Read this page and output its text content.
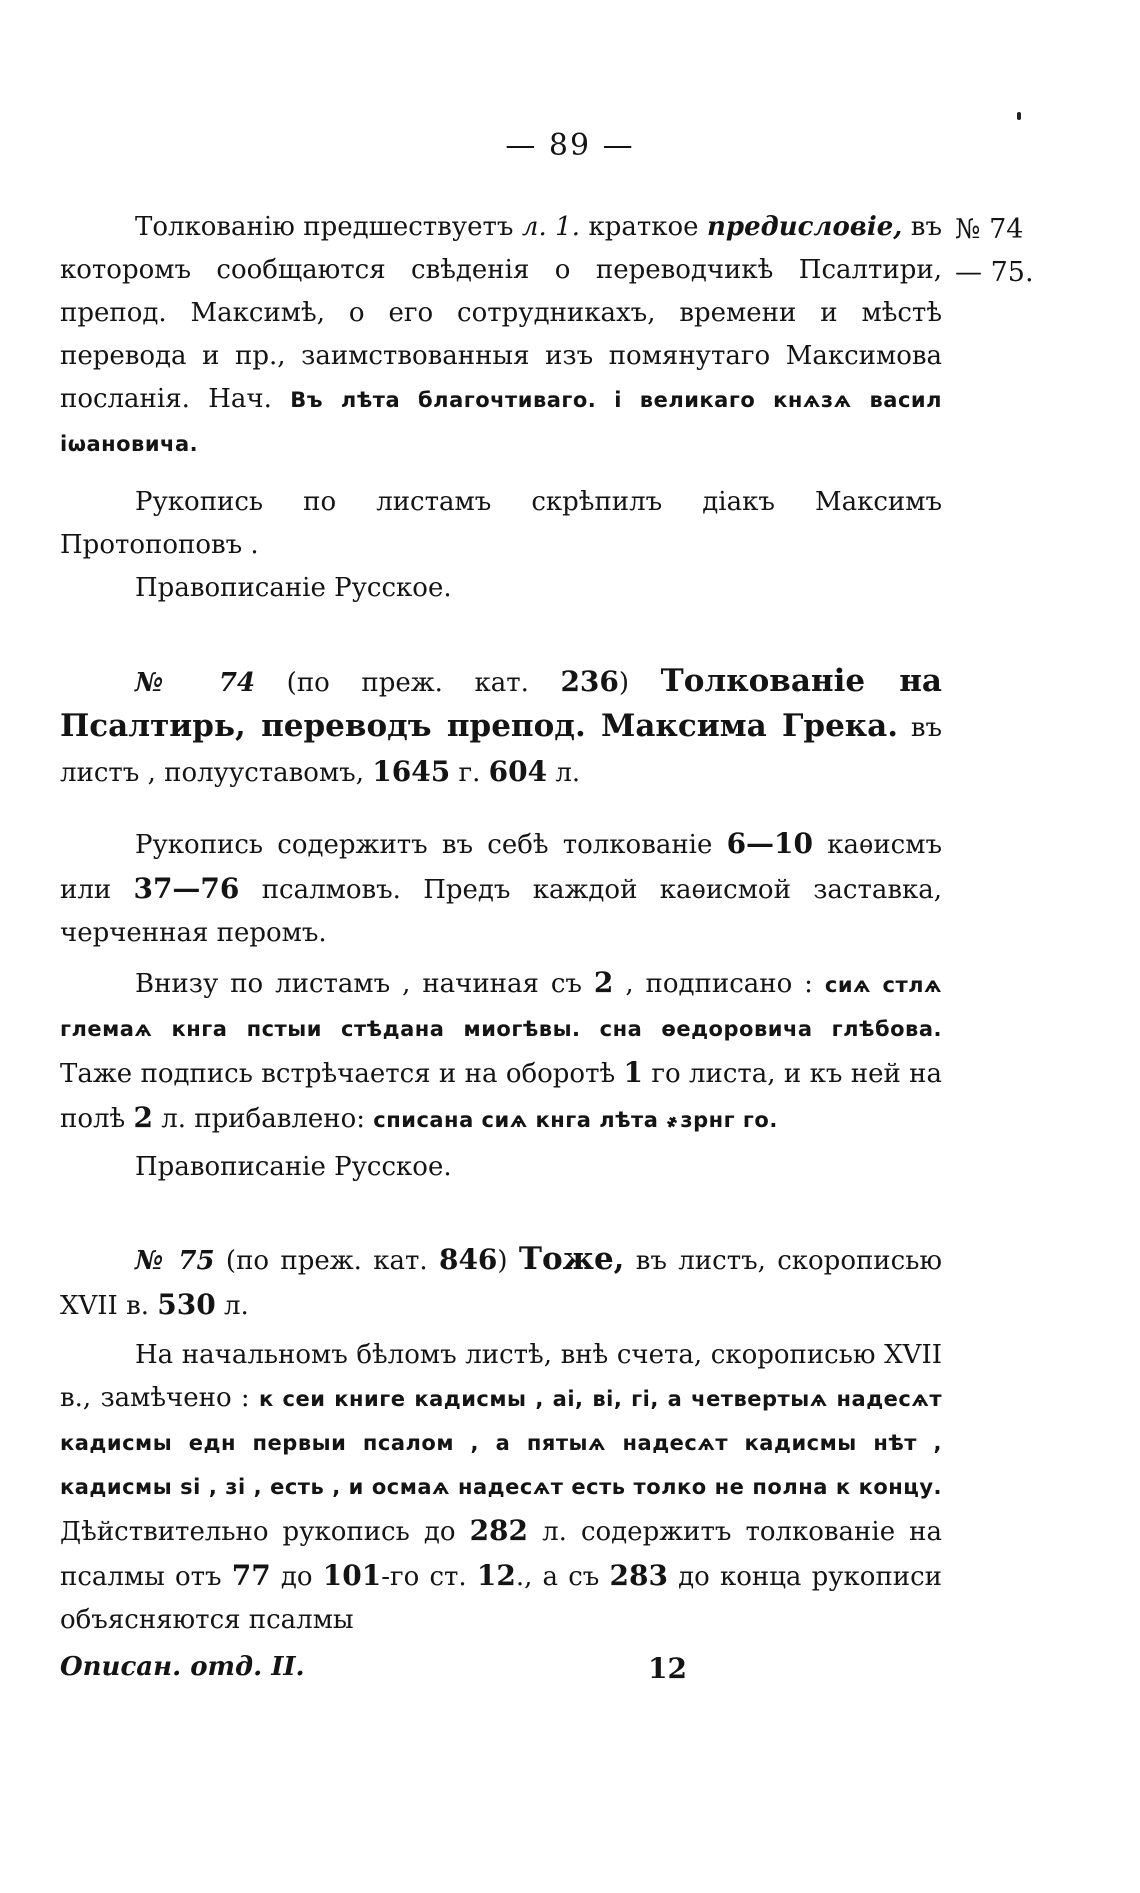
— 89 —
№ 74
— 75.

Толкованію предшествуетъ л. 1. краткое предисловіе, въ которомъ сообщаются свѣденія о переводчикѣ Псалтири, препод. Максимѣ, о его сотрудникахъ, времени и мѣстѣ перевода и пр., заимствованныя изъ помянутаго Максимова посланія. Нач. Въ лѣта благочтиваго. і великаго кнѧзѧ васил іѡановича.

Рукопись по листамъ скрѣпилъ діакъ Максимъ Протопоповъ .

Правописаніе Русское.

№ 74 (по преж. кат. 236) Толкованіе на Псалтирь, переводъ препод. Максима Грека. въ листъ , полууставомъ, 1645 г. 604 л.

Рукопись содержитъ въ себѣ толкованіе 6—10 каѳисмъ или 37—76 псалмовъ. Предъ каждой каѳисмой заставка, черченная перомъ.

Внизу по листамъ , начиная съ 2 , подписано : сиѧ стлѧ глемаѧ кнга пстыи стѣдана миогѣвы. сна ѳедоровича глѣбова. Таже подпись встрѣчается и на оборотѣ 1 го листа, и къ ней на полѣ 2 л. прибавлено: списана сиѧ кнга лѣта ҂зрнг го.

Правописаніе Русское.

№ 75 (по преж. кат. 846) Тоже, въ листъ, скорописью XVII в. 530 л.

На начальномъ бѣломъ листѣ, внѣ счета, скорописью XVII в., замѣчено : к сеи книге кадисмы , аі, ві, гі, а четвертыѧ надесѧт кадисмы едн первыи псалом , а пятыѧ надесѧт кадисмы нѣт , кадисмы ѕі , зі , есть , и осмаѧ надесѧт есть толко не полна к концу. Дѣйствительно рукопись до 282 л. содержитъ толкованіе на псалмы отъ 77 до 101-го ст. 12., а съ 283 до конца рукописи объясняются псалмы

Описан. отд. II.	12
